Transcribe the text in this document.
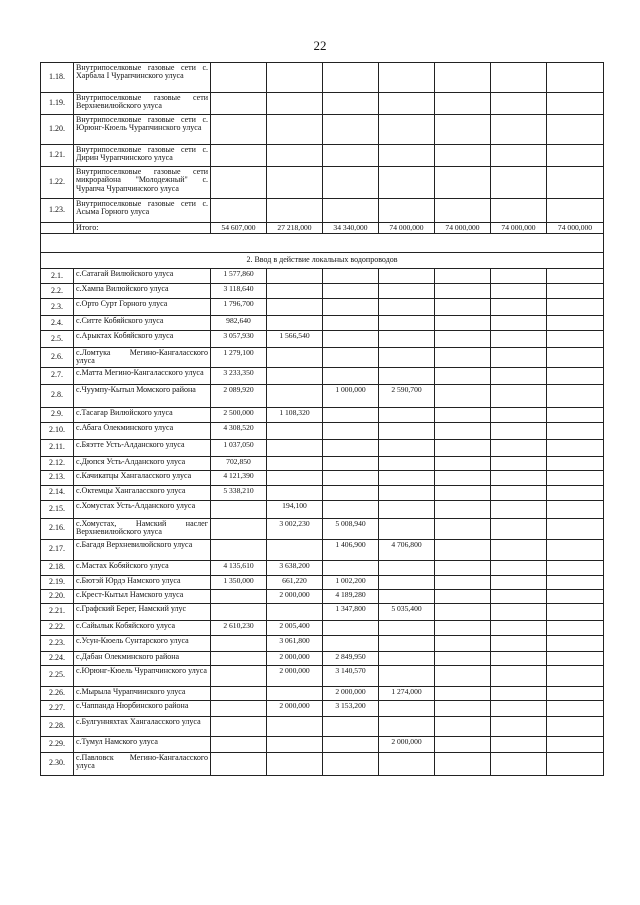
22
1.18.	Внутрипоселковые газовые сети с. Харбала I Чурапчинского улуса							
1.19.	Внутрипоселковые газовые сети Верхневилюйского улуса							
1.20.	Внутрипоселковые газовые сети с. Юрюнг-Кюель Чурапчинского улуса							
1.21.	Внутрипоселковые газовые сети с. Дирин Чурапчинского улуса							
1.22.	Внутрипоселковые газовые сети микрорайона "Молодежный" с. Чурапча Чурапчинского улуса							
1.23.	Внутрипоселковые газовые сети с. Асыма Горного улуса							
	Итого:	54 607,000	27 218,000	34 340,000	74 000,000	74 000,000	74 000,000	74 000,000

2. Ввод в действие локальных водопроводов								
2.1.	с.Сатагай Вилюйского улуса	1 577,860						
2.2.	с.Хампа Вилюйского улуса	3 118,640						
2.3.	с.Орто Сурт Горного улуса	1 796,700						
2.4.	с.Ситте Кобяйского улуса	982,640						
2.5.	с.Арыктах Кобяйского улуса	3 057,930	1 566,540					
2.6.	с.Ломтука Мегино-Кангаласского улуса	1 279,100						
2.7.	с.Маттa Мегино-Кангаласского улуса	3 233,350						
2.8.	с.Чуумпу-Кытыл Момского района	2 089,920		1 000,000	2 590,700			
2.9.	с.Тасагар Вилюйского улуса	2 500,000	1 108,320					
2.10.	с.Абага Олекминского улуса	4 308,520						
2.11.	с.Бяэтте Усть-Алданского улуса	1 037,050						
2.12.	с.Дюпся Усть-Алданского улуса	702,850						
2.13.	с.Качикатцы Хангаласского улуса	4 121,390						
2.14.	с.Октемцы Хангаласского улуса	5 338,210						
2.15.	с.Хомустах Усть-Алданского улуса		194,100					
2.16.	с.Хомустах, Намский наслег Верхневилюйского улуса		3 002,230	5 008,940				
2.17.	с.Багадя Верхневилюйского улуса			1 406,900	4 706,800			
2.18.	с.Мастах Кобяйского улуса	4 135,610	3 638,200					
2.19.	с.Бютэй Юрдэ Намского улуса	1 350,000	661,220	1 002,200				
2.20.	с.Крест-Кытыл Намского улуса		2 000,000	4 189,280				
2.21.	с.Графский Берег, Намский улус			1 347,800	5 035,400			
2.22.	с.Сайылык Кобяйского улуса	2 610,230	2 005,400					
2.23.	с.Усун-Кюель Сунтарского улуса		3 061,800					
2.24.	с.Дабан Олекминского района		2 000,000	2 849,950				
2.25.	с.Юрюнг-Кюель Чурапчинского улуса		2 000,000	3 140,570				
2.26.	с.Мырыла Чурапчинского улуса			2 000,000	1 274,000			
2.27.	с.Чаппанда Нюрбинского района		2 000,000	3 153,200				
2.28.	с.Булгунняхтах Хангаласского улуса							
2.29.	с.Тумул Намского улуса				2 000,000			
2.30.	с.Павловск Мегино-Кангаласского улуса							
